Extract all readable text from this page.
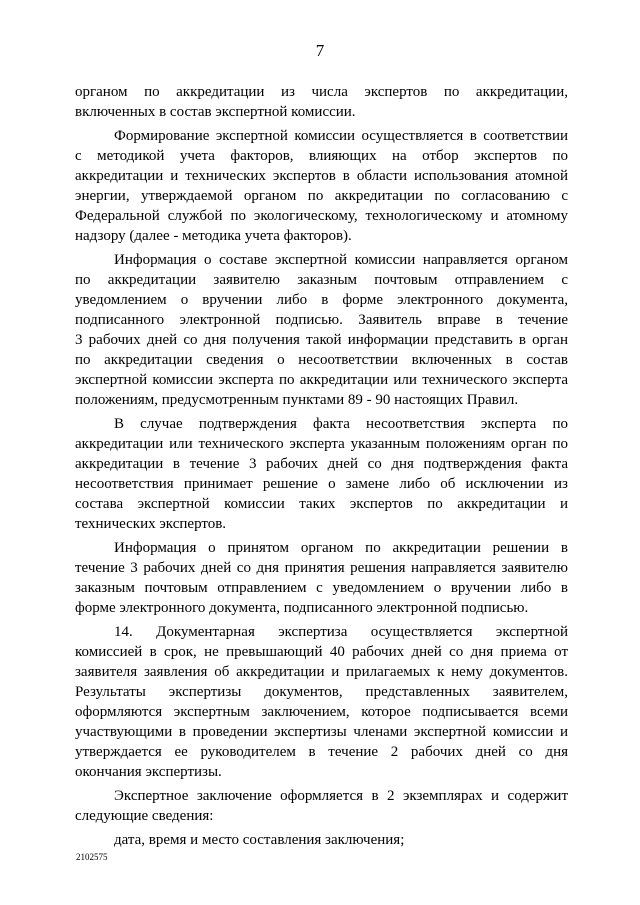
7
органом по аккредитации из числа экспертов по аккредитации,
включенных в состав экспертной комиссии.
Формирование экспертной комиссии осуществляется в соответствии
с методикой учета факторов, влияющих на отбор экспертов по
аккредитации и технических экспертов в области использования атомной
энергии, утверждаемой органом по аккредитации по согласованию с
Федеральной службой по экологическому, технологическому и атомному
надзору (далее - методика учета факторов).
Информация о составе экспертной комиссии направляется органом
по аккредитации заявителю заказным почтовым отправлением с
уведомлением о вручении либо в форме электронного документа,
подписанного электронной подписью. Заявитель вправе в течение
3 рабочих дней со дня получения такой информации представить в орган
по аккредитации сведения о несоответствии включенных в состав
экспертной комиссии эксперта по аккредитации или технического эксперта
положениям, предусмотренным пунктами 89 - 90 настоящих Правил.
В случае подтверждения факта несоответствия эксперта по
аккредитации или технического эксперта указанным положениям орган по
аккредитации в течение 3 рабочих дней со дня подтверждения факта
несоответствия принимает решение о замене либо об исключении из
состава экспертной комиссии таких экспертов по аккредитации и
технических экспертов.
Информация о принятом органом по аккредитации решении в
течение 3 рабочих дней со дня принятия решения направляется заявителю
заказным почтовым отправлением с уведомлением о вручении либо в
форме электронного документа, подписанного электронной подписью.
14. Документарная экспертиза осуществляется экспертной
комиссией в срок, не превышающий 40 рабочих дней со дня приема от
заявителя заявления об аккредитации и прилагаемых к нему документов.
Результаты экспертизы документов, представленных заявителем,
оформляются экспертным заключением, которое подписывается всеми
участвующими в проведении экспертизы членами экспертной комиссии и
утверждается ее руководителем в течение 2 рабочих дней со дня
окончания экспертизы.
Экспертное заключение оформляется в 2 экземплярах и содержит
следующие сведения:
дата, время и место составления заключения;
2102575
